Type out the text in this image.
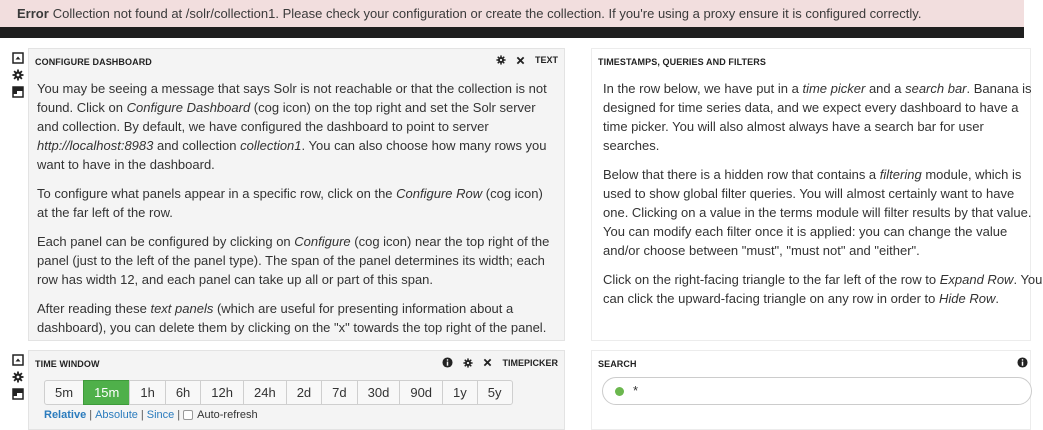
Error Collection not found at /solr/collection1. Please check your configuration or create the collection. If you're using a proxy ensure it is configured correctly.
CONFIGURE DASHBOARD	TEXT

You may be seeing a message that says Solr is not reachable or that the collection is not found. Click on Configure Dashboard (cog icon) on the top right and set the Solr server and collection. By default, we have configured the dashboard to point to server http://localhost:8983 and collection collection1. You can also choose how many rows you want to have in the dashboard.

To configure what panels appear in a specific row, click on the Configure Row (cog icon) at the far left of the row.

Each panel can be configured by clicking on Configure (cog icon) near the top right of the panel (just to the left of the panel type). The span of the panel determines its width; each row has width 12, and each panel can take up all or part of this span.

After reading these text panels (which are useful for presenting information about a dashboard), you can delete them by clicking on the "x" towards the top right of the panel.

TIMESTAMPS, QUERIES AND FILTERS

In the row below, we have put in a time picker and a search bar. Banana is designed for time series data, and we expect every dashboard to have a time picker. You will also almost always have a search bar for user searches.

Below that there is a hidden row that contains a filtering module, which is used to show global filter queries. You will almost certainly want to have one. Clicking on a value in the terms module will filter results by that value. You can modify each filter once it is applied: you can change the value and/or choose between "must", "must not" and "either".

Click on the right-facing triangle to the far left of the row to Expand Row. You can click the upward-facing triangle on any row in order to Hide Row.

TIME WINDOW	TIMEPICKER
5m	15m	1h	6h	12h	24h	2d	7d	30d	90d	1y	5y
Relative | Absolute | Since | Auto-refresh
SEARCH
*
